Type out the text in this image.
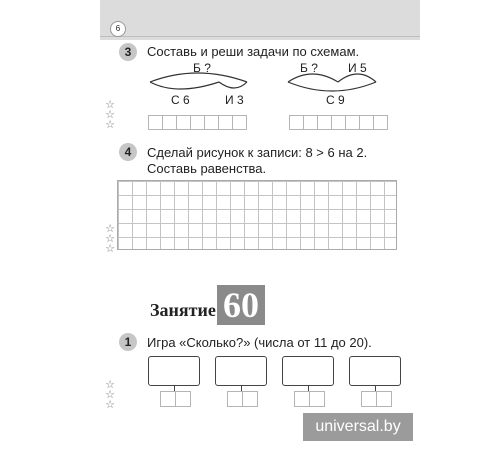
6
3	Составь и реши задачи по схемам.
Б ?
С 6	И 3
Б ?	И 5
С 9
☆
☆
☆
4	Сделай рисунок к записи: 8 > 6 на 2.
Составь равенства.
☆
☆
☆
Занятие 60
1	Игра «Сколько?» (числа от 11 до 20).
☆
☆
☆
universal.by
